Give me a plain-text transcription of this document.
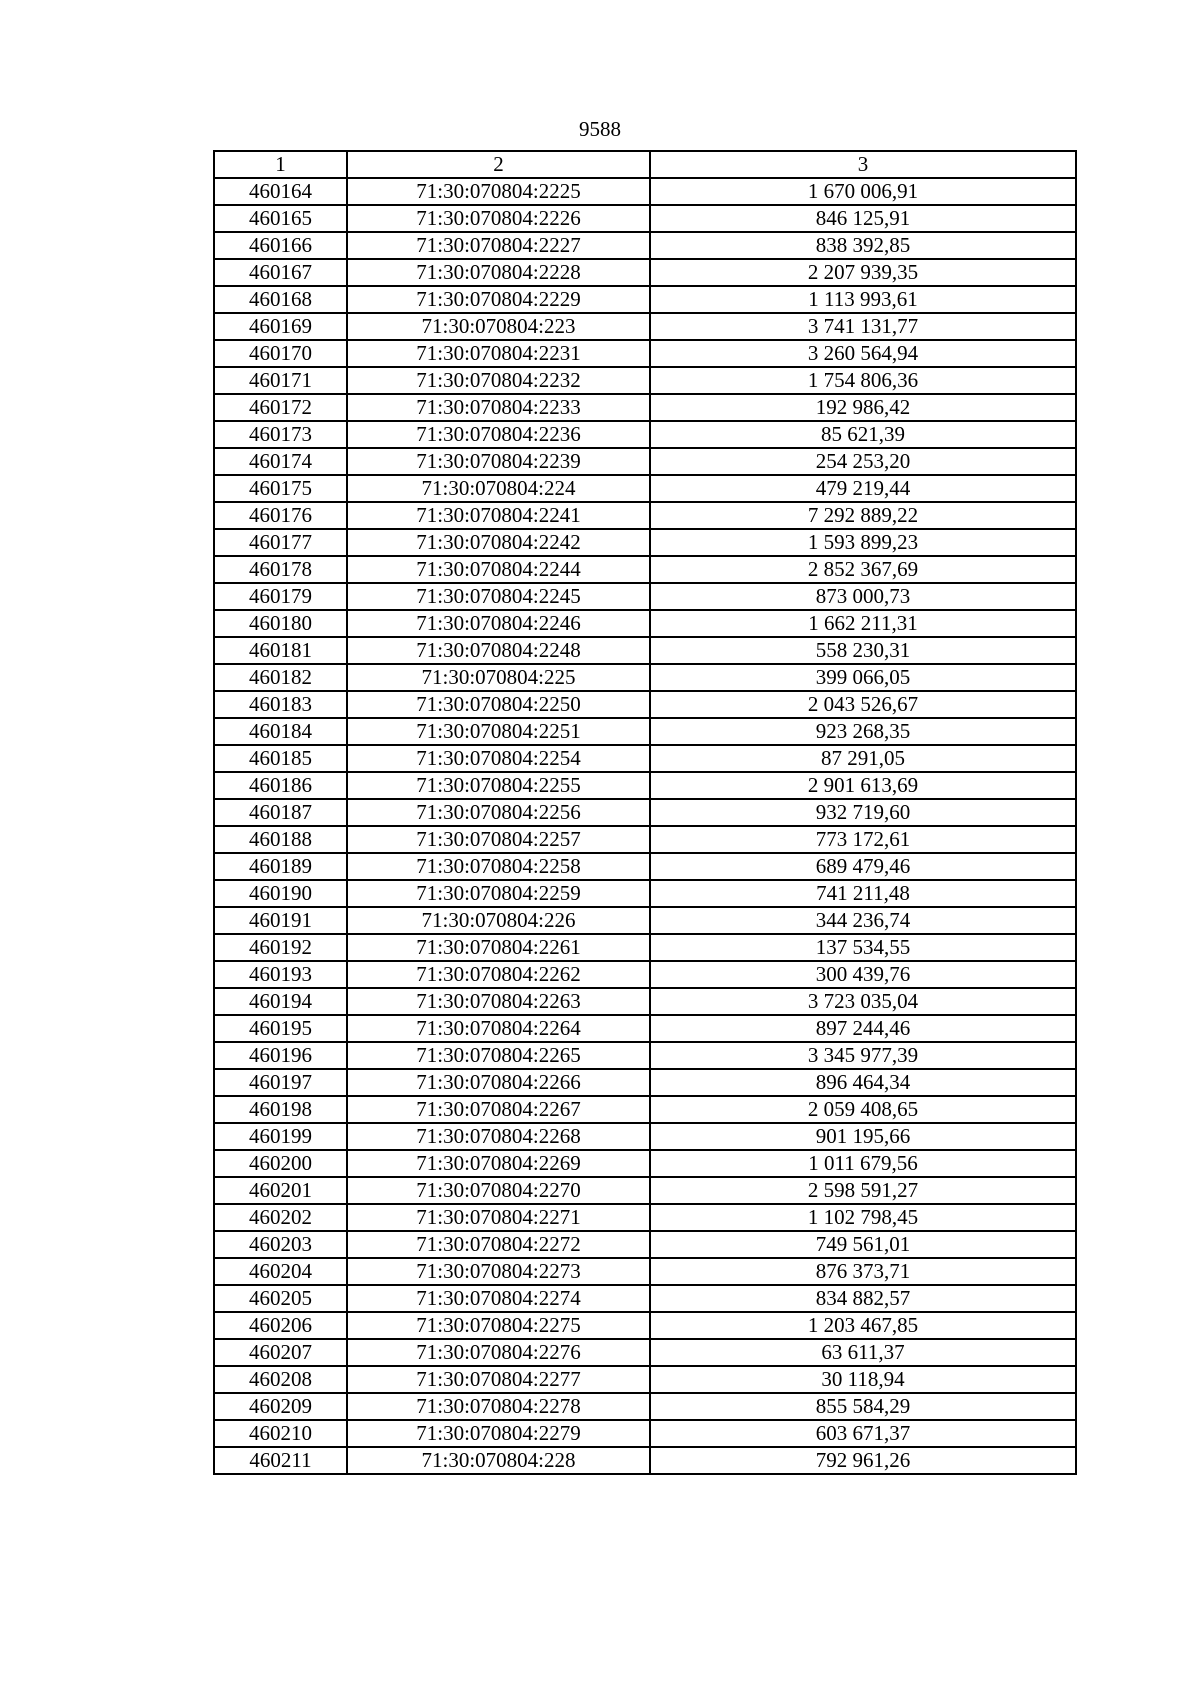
9588
1	2	3
460164	71:30:070804:2225	1 670 006,91
460165	71:30:070804:2226	846 125,91
460166	71:30:070804:2227	838 392,85
460167	71:30:070804:2228	2 207 939,35
460168	71:30:070804:2229	1 113 993,61
460169	71:30:070804:223	3 741 131,77
460170	71:30:070804:2231	3 260 564,94
460171	71:30:070804:2232	1 754 806,36
460172	71:30:070804:2233	192 986,42
460173	71:30:070804:2236	85 621,39
460174	71:30:070804:2239	254 253,20
460175	71:30:070804:224	479 219,44
460176	71:30:070804:2241	7 292 889,22
460177	71:30:070804:2242	1 593 899,23
460178	71:30:070804:2244	2 852 367,69
460179	71:30:070804:2245	873 000,73
460180	71:30:070804:2246	1 662 211,31
460181	71:30:070804:2248	558 230,31
460182	71:30:070804:225	399 066,05
460183	71:30:070804:2250	2 043 526,67
460184	71:30:070804:2251	923 268,35
460185	71:30:070804:2254	87 291,05
460186	71:30:070804:2255	2 901 613,69
460187	71:30:070804:2256	932 719,60
460188	71:30:070804:2257	773 172,61
460189	71:30:070804:2258	689 479,46
460190	71:30:070804:2259	741 211,48
460191	71:30:070804:226	344 236,74
460192	71:30:070804:2261	137 534,55
460193	71:30:070804:2262	300 439,76
460194	71:30:070804:2263	3 723 035,04
460195	71:30:070804:2264	897 244,46
460196	71:30:070804:2265	3 345 977,39
460197	71:30:070804:2266	896 464,34
460198	71:30:070804:2267	2 059 408,65
460199	71:30:070804:2268	901 195,66
460200	71:30:070804:2269	1 011 679,56
460201	71:30:070804:2270	2 598 591,27
460202	71:30:070804:2271	1 102 798,45
460203	71:30:070804:2272	749 561,01
460204	71:30:070804:2273	876 373,71
460205	71:30:070804:2274	834 882,57
460206	71:30:070804:2275	1 203 467,85
460207	71:30:070804:2276	63 611,37
460208	71:30:070804:2277	30 118,94
460209	71:30:070804:2278	855 584,29
460210	71:30:070804:2279	603 671,37
460211	71:30:070804:228	792 961,26
